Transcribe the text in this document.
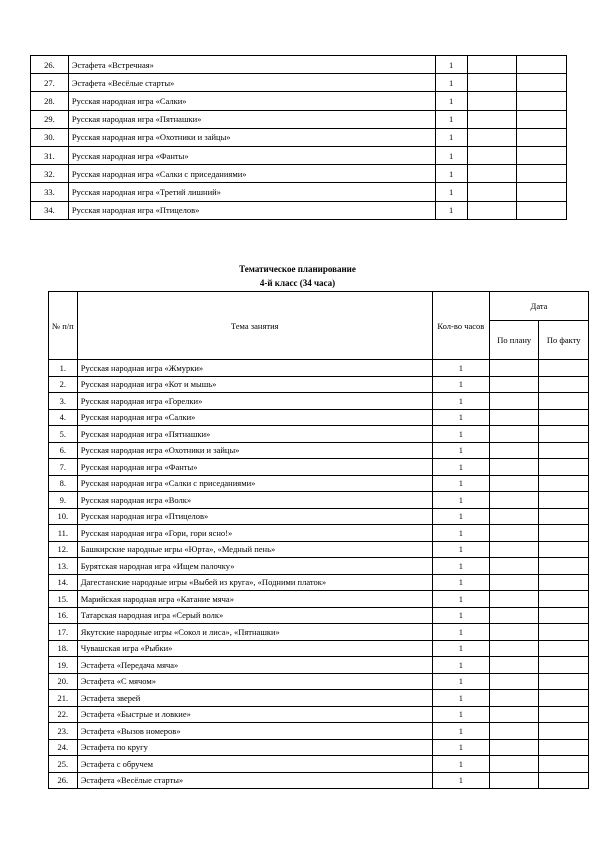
26.	Эстафета «Встречная»	1		
27.	Эстафета «Весёлые старты»	1		
28.	Русская народная игра «Салки»	1		
29.	Русская народная игра «Пятнашки»	1		
30.	Русская народная игра «Охотники и зайцы»	1		
31.	Русская народная игра «Фанты»	1		
32.	Русская народная игра «Салки с приседаниями»	1		
33.	Русская народная игра «Третий лишний»	1		
34.	Русская народная игра «Птицелов»	1		
Тематическое планирование
4-й класс (34 часа)
№ п/п	Тема занятия	Кол-во часов	Дата	
			По плану	По факту
1.	Русская народная игра «Жмурки»	1		
2.	Русская народная игра «Кот и мышь»	1		
3.	Русская народная игра «Горелки»	1		
4.	Русская народная игра «Салки»	1		
5.	Русская народная игра «Пятнашки»	1		
6.	Русская народная игра «Охотники и зайцы»	1		
7.	Русская народная игра «Фанты»	1		
8.	Русская народная игра «Салки с приседаниями»	1		
9.	Русская народная игра «Волк»	1		
10.	Русская народная игра «Птицелов»	1		
11.	Русская народная игра «Гори, гори ясно!»	1		
12.	Башкирские народные игры «Юрта», «Медный пень»	1		
13.	Бурятская народная игра «Ищем палочку»	1		
14.	Дагестанские народные игры «Выбей из круга», «Подними платок»	1		
15.	Марийская народная игра «Катание мяча»	1		
16.	Татарская народная игра «Серый волк»	1		
17.	Якутские народные игры «Сокол и лиса», «Пятнашки»	1		
18.	Чувашская игра «Рыбки»	1		
19.	Эстафета «Передача мяча»	1		
20.	Эстафета «С мячом»	1		
21.	Эстафета зверей	1		
22.	Эстафета «Быстрые и ловкие»	1		
23.	Эстафета «Вызов номеров»	1		
24.	Эстафета по кругу	1		
25.	Эстафета с обручем	1		
26.	Эстафета «Весёлые старты»	1		
